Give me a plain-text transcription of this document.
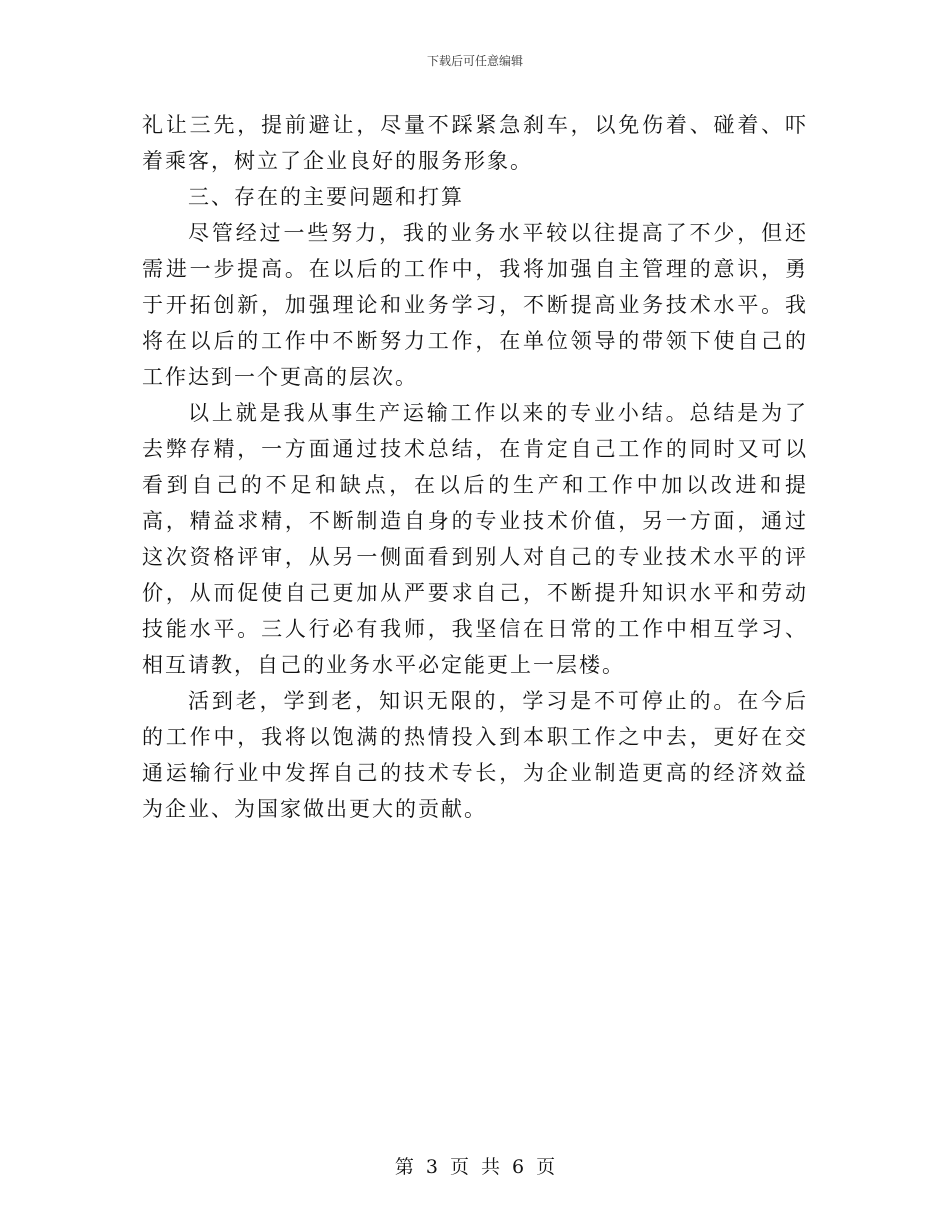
下载后可任意编辑

礼让三先，提前避让，尽量不踩紧急刹车，以免伤着、碰着、吓着乘客，树立了企业良好的服务形象。

三、存在的主要问题和打算

尽管经过一些努力，我的业务水平较以往提高了不少，但还需进一步提高。在以后的工作中，我将加强自主管理的意识，勇于开拓创新，加强理论和业务学习，不断提高业务技术水平。我将在以后的工作中不断努力工作，在单位领导的带领下使自己的工作达到一个更高的层次。

以上就是我从事生产运输工作以来的专业小结。总结是为了去弊存精，一方面通过技术总结，在肯定自己工作的同时又可以看到自己的不足和缺点，在以后的生产和工作中加以改进和提高，精益求精，不断制造自身的专业技术价值，另一方面，通过这次资格评审，从另一侧面看到别人对自己的专业技术水平的评价，从而促使自己更加从严要求自己，不断提升知识水平和劳动技能水平。三人行必有我师，我坚信在日常的工作中相互学习、相互请教，自己的业务水平必定能更上一层楼。

活到老，学到老，知识无限的，学习是不可停止的。在今后的工作中，我将以饱满的热情投入到本职工作之中去，更好在交通运输行业中发挥自己的技术专长，为企业制造更高的经济效益为企业、为国家做出更大的贡献。

第 3 页 共 6 页
